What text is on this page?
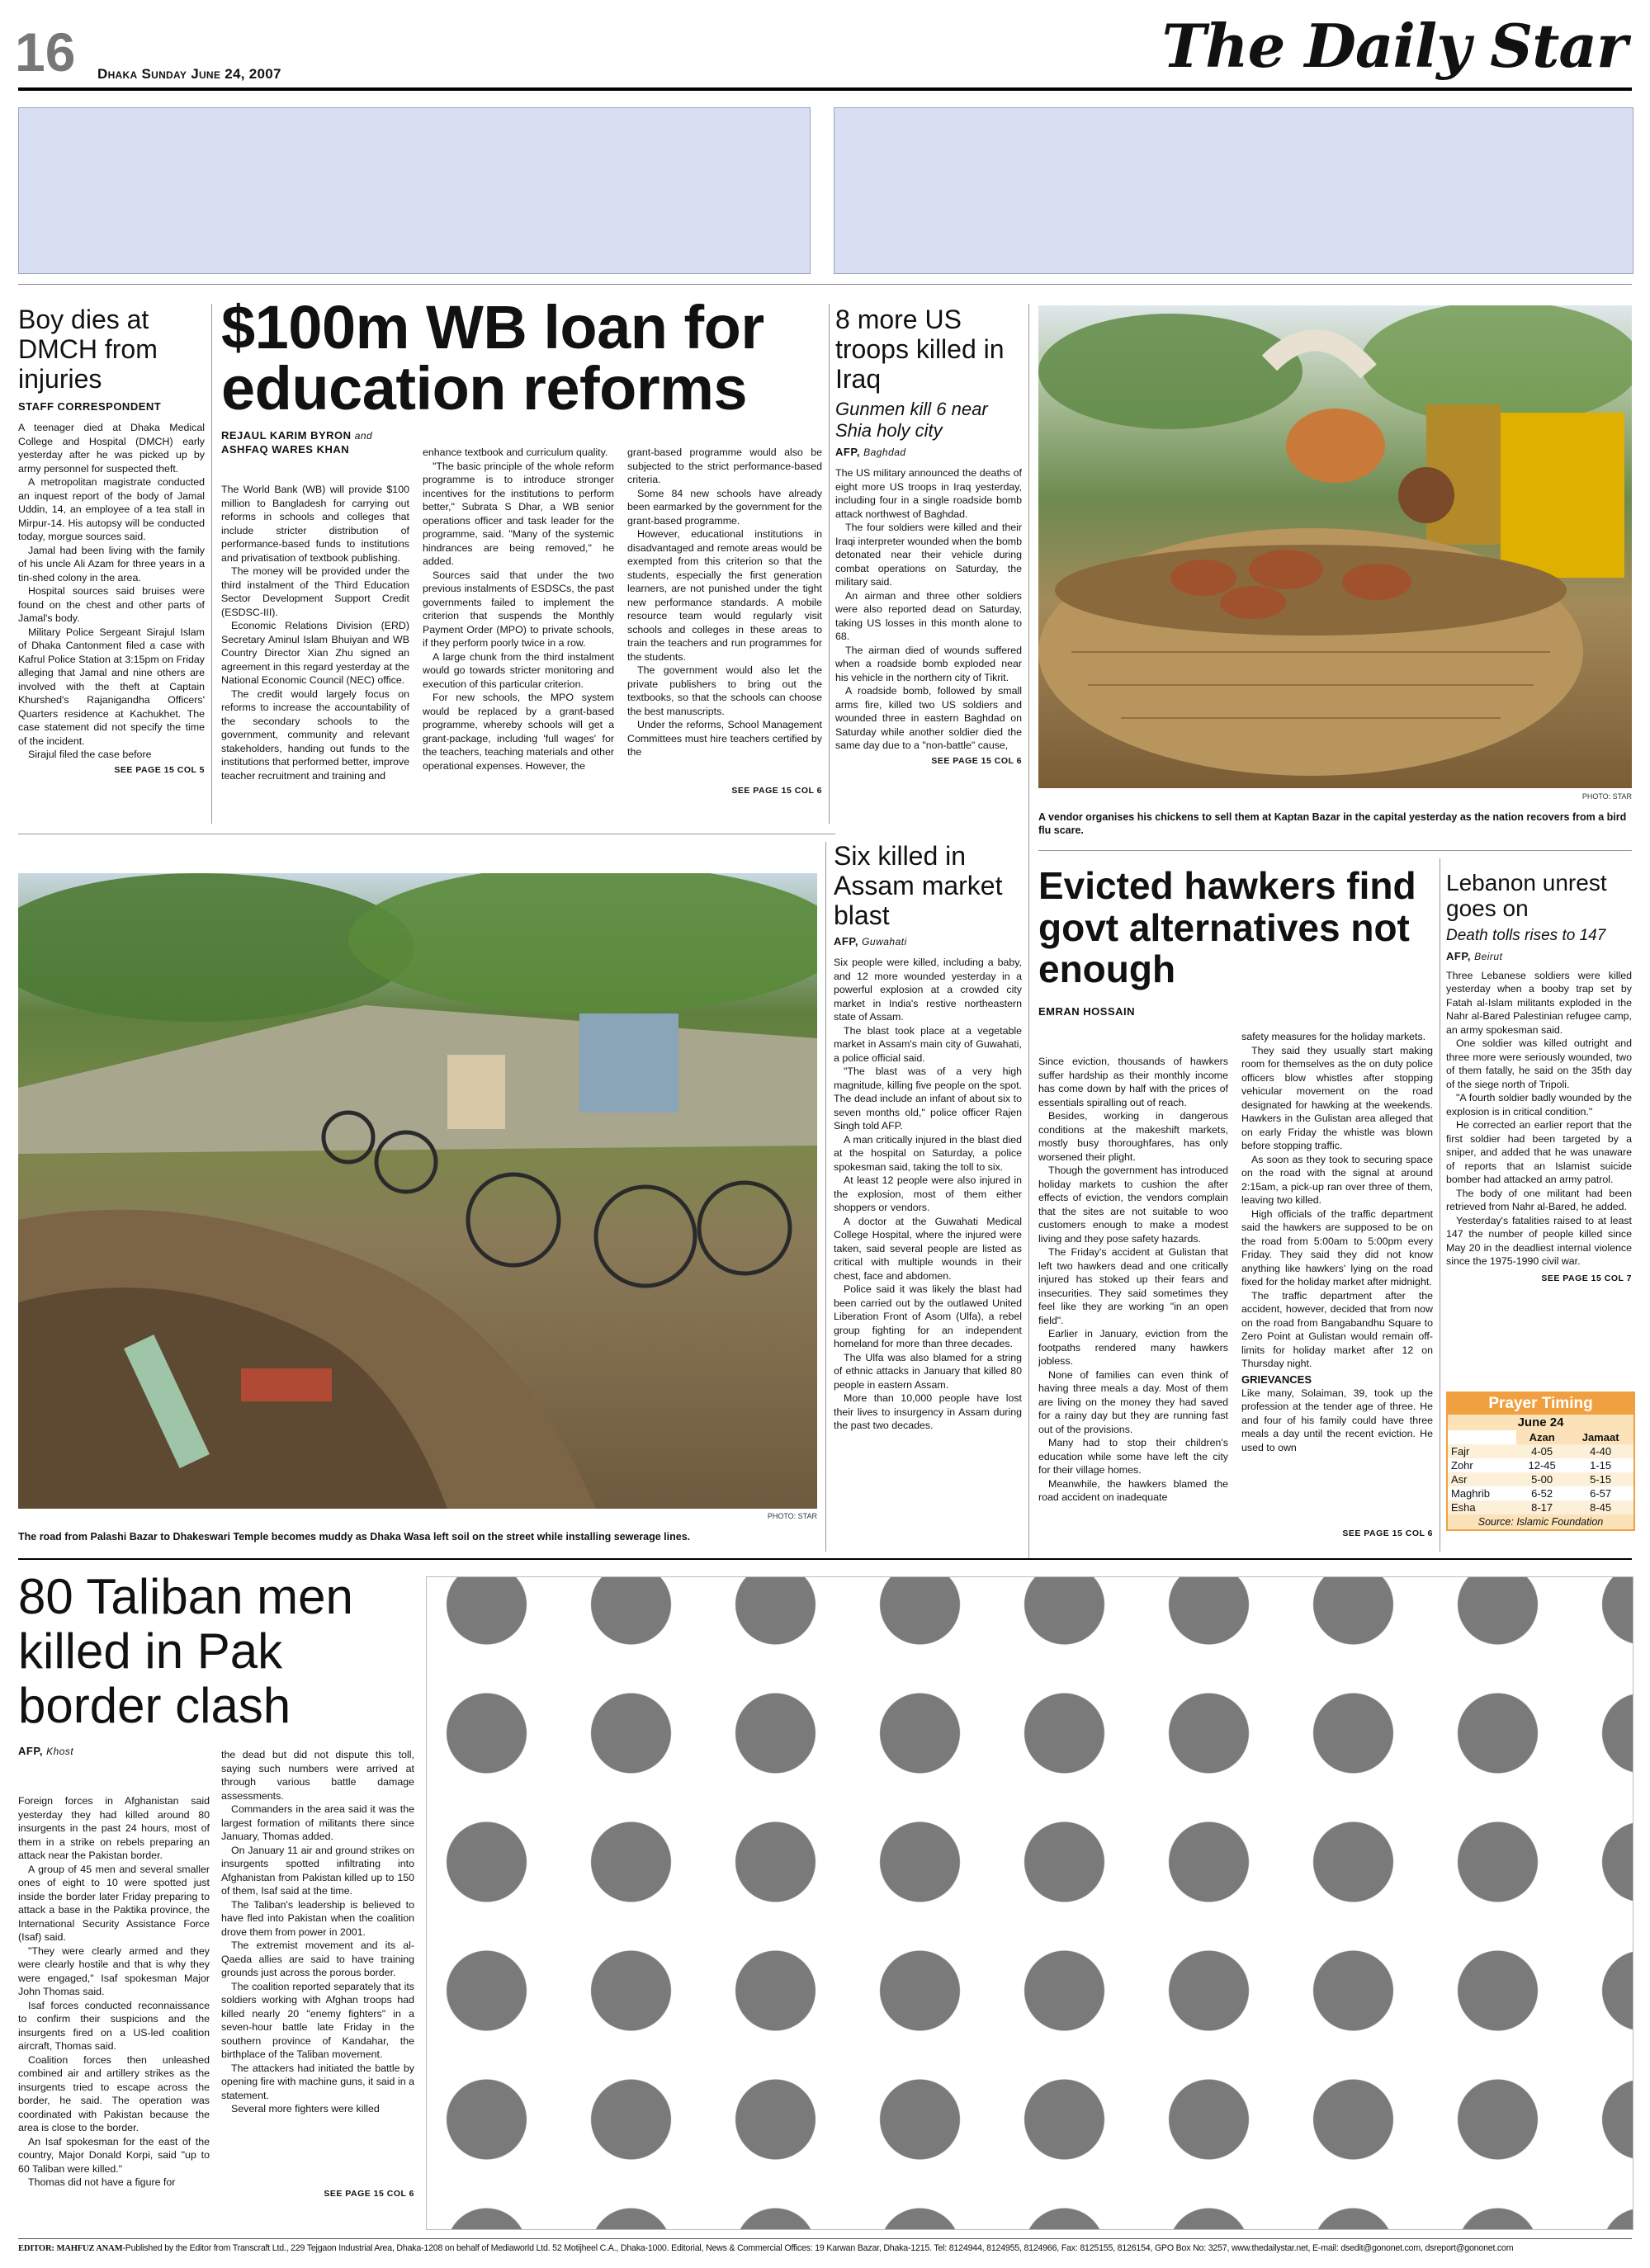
16 Dhaka Sunday June 24, 2007	The Daily Star
Boy dies at DMCH from injuries
STAFF CORRESPONDENT

A teenager died at Dhaka Medical College and Hospital (DMCH) early yesterday after he was picked up by army personnel for suspected theft.

A metropolitan magistrate conducted an inquest report of the body of Jamal Uddin, 14, an employee of a tea stall in Mirpur-14. His autopsy will be conducted today, morgue sources said.

Jamal had been living with the family of his uncle Ali Azam for three years in a tin-shed colony in the area.

Hospital sources said bruises were found on the chest and other parts of Jamal's body.

Military Police Sergeant Sirajul Islam of Dhaka Cantonment filed a case with Kafrul Police Station at 3:15pm on Friday alleging that Jamal and nine others are involved with the theft at Captain Khurshed's Rajanigandha Officers' Quarters residence at Kachukhet. The case statement did not specify the time of the incident.

Sirajul filed the case before

SEE PAGE 15 COL 5
$100m WB loan for education reforms
REJAUL KARIM BYRON and
ASHFAQ WARES KHAN

The World Bank (WB) will provide $100 million to Bangladesh for carrying out reforms in schools and colleges that include stricter distribution of performance-based funds to institutions and privatisation of textbook publishing.

The money will be provided under the third instalment of the Third Education Sector Development Support Credit (ESDSC-III).

Economic Relations Division (ERD) Secretary Aminul Islam Bhuiyan and WB Country Director Xian Zhu signed an agreement in this regard yesterday at the National Economic Council (NEC) office.

The credit would largely focus on reforms to increase the accountability of the secondary schools to the government, community and relevant stakeholders, handing out funds to the institutions that performed better, improve teacher recruitment and training and

enhance textbook and curriculum quality.

"The basic principle of the whole reform programme is to introduce stronger incentives for the institutions to perform better," Subrata S Dhar, a WB senior operations officer and task leader for the programme, said. "Many of the systemic hindrances are being removed," he added.

Sources said that under the two previous instalments of ESDSCs, the past governments failed to implement the criterion that suspends the Monthly Payment Order (MPO) to private schools, if they perform poorly twice in a row.

A large chunk from the third instalment would go towards stricter monitoring and execution of this particular criterion.

For new schools, the MPO system would be replaced by a grant-based programme, whereby schools will get a grant-package, including 'full wages' for the teachers, teaching materials and other operational expenses. However, the

grant-based programme would also be subjected to the strict performance-based criteria.

Some 84 new schools have already been earmarked by the government for the grant-based programme.

However, educational institutions in disadvantaged and remote areas would be exempted from this criterion so that the students, especially the first generation learners, are not punished under the tight new performance standards. A mobile resource team would regularly visit schools and colleges in these areas to train the teachers and run programmes for the students.

The government would also let the private publishers to bring out the textbooks, so that the schools can choose the best manuscripts.

Under the reforms, School Management Committees must hire teachers certified by the

SEE PAGE 15 COL 6
8 more US troops killed in Iraq
Gunmen kill 6 near Shia holy city
AFP, Baghdad

The US military announced the deaths of eight more US troops in Iraq yesterday, including four in a single roadside bomb attack northwest of Baghdad.

The four soldiers were killed and their Iraqi interpreter wounded when the bomb detonated near their vehicle during combat operations on Saturday, the military said.

An airman and three other soldiers were also reported dead on Saturday, taking US losses in this month alone to 68.

The airman died of wounds suffered when a roadside bomb exploded near his vehicle in the northern city of Tikrit.

A roadside bomb, followed by small arms fire, killed two US soldiers and wounded three in eastern Baghdad on Saturday while another soldier died the same day due to a "non-battle" cause,

SEE PAGE 15 COL 6
PHOTO: STAR
A vendor organises his chickens to sell them at Kaptan Bazar in the capital yesterday as the nation recovers from a bird flu scare.
PHOTO: STAR
The road from Palashi Bazar to Dhakeswari Temple becomes muddy as Dhaka Wasa left soil on the street while installing sewerage lines.
Six killed in Assam market blast
AFP, Guwahati

Six people were killed, including a baby, and 12 more wounded yesterday in a powerful explosion at a crowded city market in India's restive northeastern state of Assam.

The blast took place at a vegetable market in Assam's main city of Guwahati, a police official said.

"The blast was of a very high magnitude, killing five people on the spot. The dead include an infant of about six to seven months old," police officer Rajen Singh told AFP.

A man critically injured in the blast died at the hospital on Saturday, a police spokesman said, taking the toll to six.

At least 12 people were also injured in the explosion, most of them either shoppers or vendors.

A doctor at the Guwahati Medical College Hospital, where the injured were taken, said several people are listed as critical with multiple wounds in their chest, face and abdomen.

Police said it was likely the blast had been carried out by the outlawed United Liberation Front of Asom (Ulfa), a rebel group fighting for an independent homeland for more than three decades.

The Ulfa was also blamed for a string of ethnic attacks in January that killed 80 people in eastern Assam.

More than 10,000 people have lost their lives to insurgency in Assam during the past two decades.

Evicted hawkers find govt alternatives not enough
EMRAN HOSSAIN

Since eviction, thousands of hawkers suffer hardship as their monthly income has come down by half with the prices of essentials spiralling out of reach.

Besides, working in dangerous conditions at the makeshift markets, mostly busy thoroughfares, has only worsened their plight.

Though the government has introduced holiday markets to cushion the after effects of eviction, the vendors complain that the sites are not suitable to woo customers enough to make a modest living and they pose safety hazards.

The Friday's accident at Gulistan that left two hawkers dead and one critically injured has stoked up their fears and insecurities. They said sometimes they feel like they are working "in an open field".

Earlier in January, eviction from the footpaths rendered many hawkers jobless.

None of families can even think of having three meals a day. Most of them are living on the money they had saved for a rainy day but they are running fast out of the provisions.

Many had to stop their children's education while some have left the city for their village homes.

Meanwhile, the hawkers blamed the road accident on inadequate

safety measures for the holiday markets.

They said they usually start making room for themselves as the on duty police officers blow whistles after stopping vehicular movement on the road designated for hawking at the weekends. Hawkers in the Gulistan area alleged that on early Friday the whistle was blown before stopping traffic.

As soon as they took to securing space on the road with the signal at around 2:15am, a pick-up ran over three of them, leaving two killed.

High officials of the traffic department said the hawkers are supposed to be on the road from 5:00am to 5:00pm every Friday. They said they did not know anything like hawkers' lying on the road fixed for the holiday market after midnight.

The traffic department after the accident, however, decided that from now on the road from Bangabandhu Square to Zero Point at Gulistan would remain off-limits for holiday market after 12 on Thursday night.

GRIEVANCES

Like many, Solaiman, 39, took up the profession at the tender age of three. He and four of his family could have three meals a day until the recent eviction. He used to own

SEE PAGE 15 COL 6
Lebanon unrest goes on
Death tolls rises to 147
AFP, Beirut

Three Lebanese soldiers were killed yesterday when a booby trap set by Fatah al-Islam militants exploded in the Nahr al-Bared Palestinian refugee camp, an army spokesman said.

One soldier was killed outright and three more were seriously wounded, two of them fatally, he said on the 35th day of the siege north of Tripoli.

"A fourth soldier badly wounded by the explosion is in critical condition."

He corrected an earlier report that the first soldier had been targeted by a sniper, and added that he was unaware of reports that an Islamist suicide bomber had attacked an army patrol.

The body of one militant had been retrieved from Nahr al-Bared, he added.

Yesterday's fatalities raised to at least 147 the number of people killed since May 20 in the deadliest internal violence since the 1975-1990 civil war.

SEE PAGE 15 COL 7
Prayer Timing
June 24
	Azan	Jamaat
Fajr	4-05	4-40
Zohr	12-45	1-15
Asr	5-00	5-15
Maghrib	6-52	6-57
Esha	8-17	8-45
Source: Islamic Foundation
80 Taliban men killed in Pak border clash
AFP, Khost

Foreign forces in Afghanistan said yesterday they had killed around 80 insurgents in the past 24 hours, most of them in a strike on rebels preparing an attack near the Pakistan border.

A group of 45 men and several smaller ones of eight to 10 were spotted just inside the border later Friday preparing to attack a base in the Paktika province, the International Security Assistance Force (Isaf) said.

"They were clearly armed and they were clearly hostile and that is why they were engaged," Isaf spokesman Major John Thomas said.

Isaf forces conducted reconnaissance to confirm their suspicions and the insurgents fired on a US-led coalition aircraft, Thomas said.

Coalition forces then unleashed combined air and artillery strikes as the insurgents tried to escape across the border, he said. The operation was coordinated with Pakistan because the area is close to the border.

An Isaf spokesman for the east of the country, Major Donald Korpi, said "up to 60 Taliban were killed."

Thomas did not have a figure for

the dead but did not dispute this toll, saying such numbers were arrived at through various battle damage assessments.

Commanders in the area said it was the largest formation of militants there since January, Thomas added.

On January 11 air and ground strikes on insurgents spotted infiltrating into Afghanistan from Pakistan killed up to 150 of them, Isaf said at the time.

The Taliban's leadership is believed to have fled into Pakistan when the coalition drove them from power in 2001.

The extremist movement and its al-Qaeda allies are said to have training grounds just across the porous border.

The coalition reported separately that its soldiers working with Afghan troops had killed nearly 20 "enemy fighters" in a seven-hour battle late Friday in the southern province of Kandahar, the birthplace of the Taliban movement.

The attackers had initiated the battle by opening fire with machine guns, it said in a statement.

Several more fighters were killed

SEE PAGE 15 COL 6
EDITOR: MAHFUZ ANAM-Published by the Editor from Transcraft Ltd., 229 Tejgaon Industrial Area, Dhaka-1208 on behalf of Mediaworld Ltd. 52 Motijheel C.A., Dhaka-1000. Editorial, News & Commercial Offices: 19 Karwan Bazar, Dhaka-1215. Tel: 8124944, 8124955, 8124966, Fax: 8125155, 8126154, GPO Box No: 3257, www.thedailystar.net, E-mail: dsedit@gononet.com, dsreport@gononet.com
